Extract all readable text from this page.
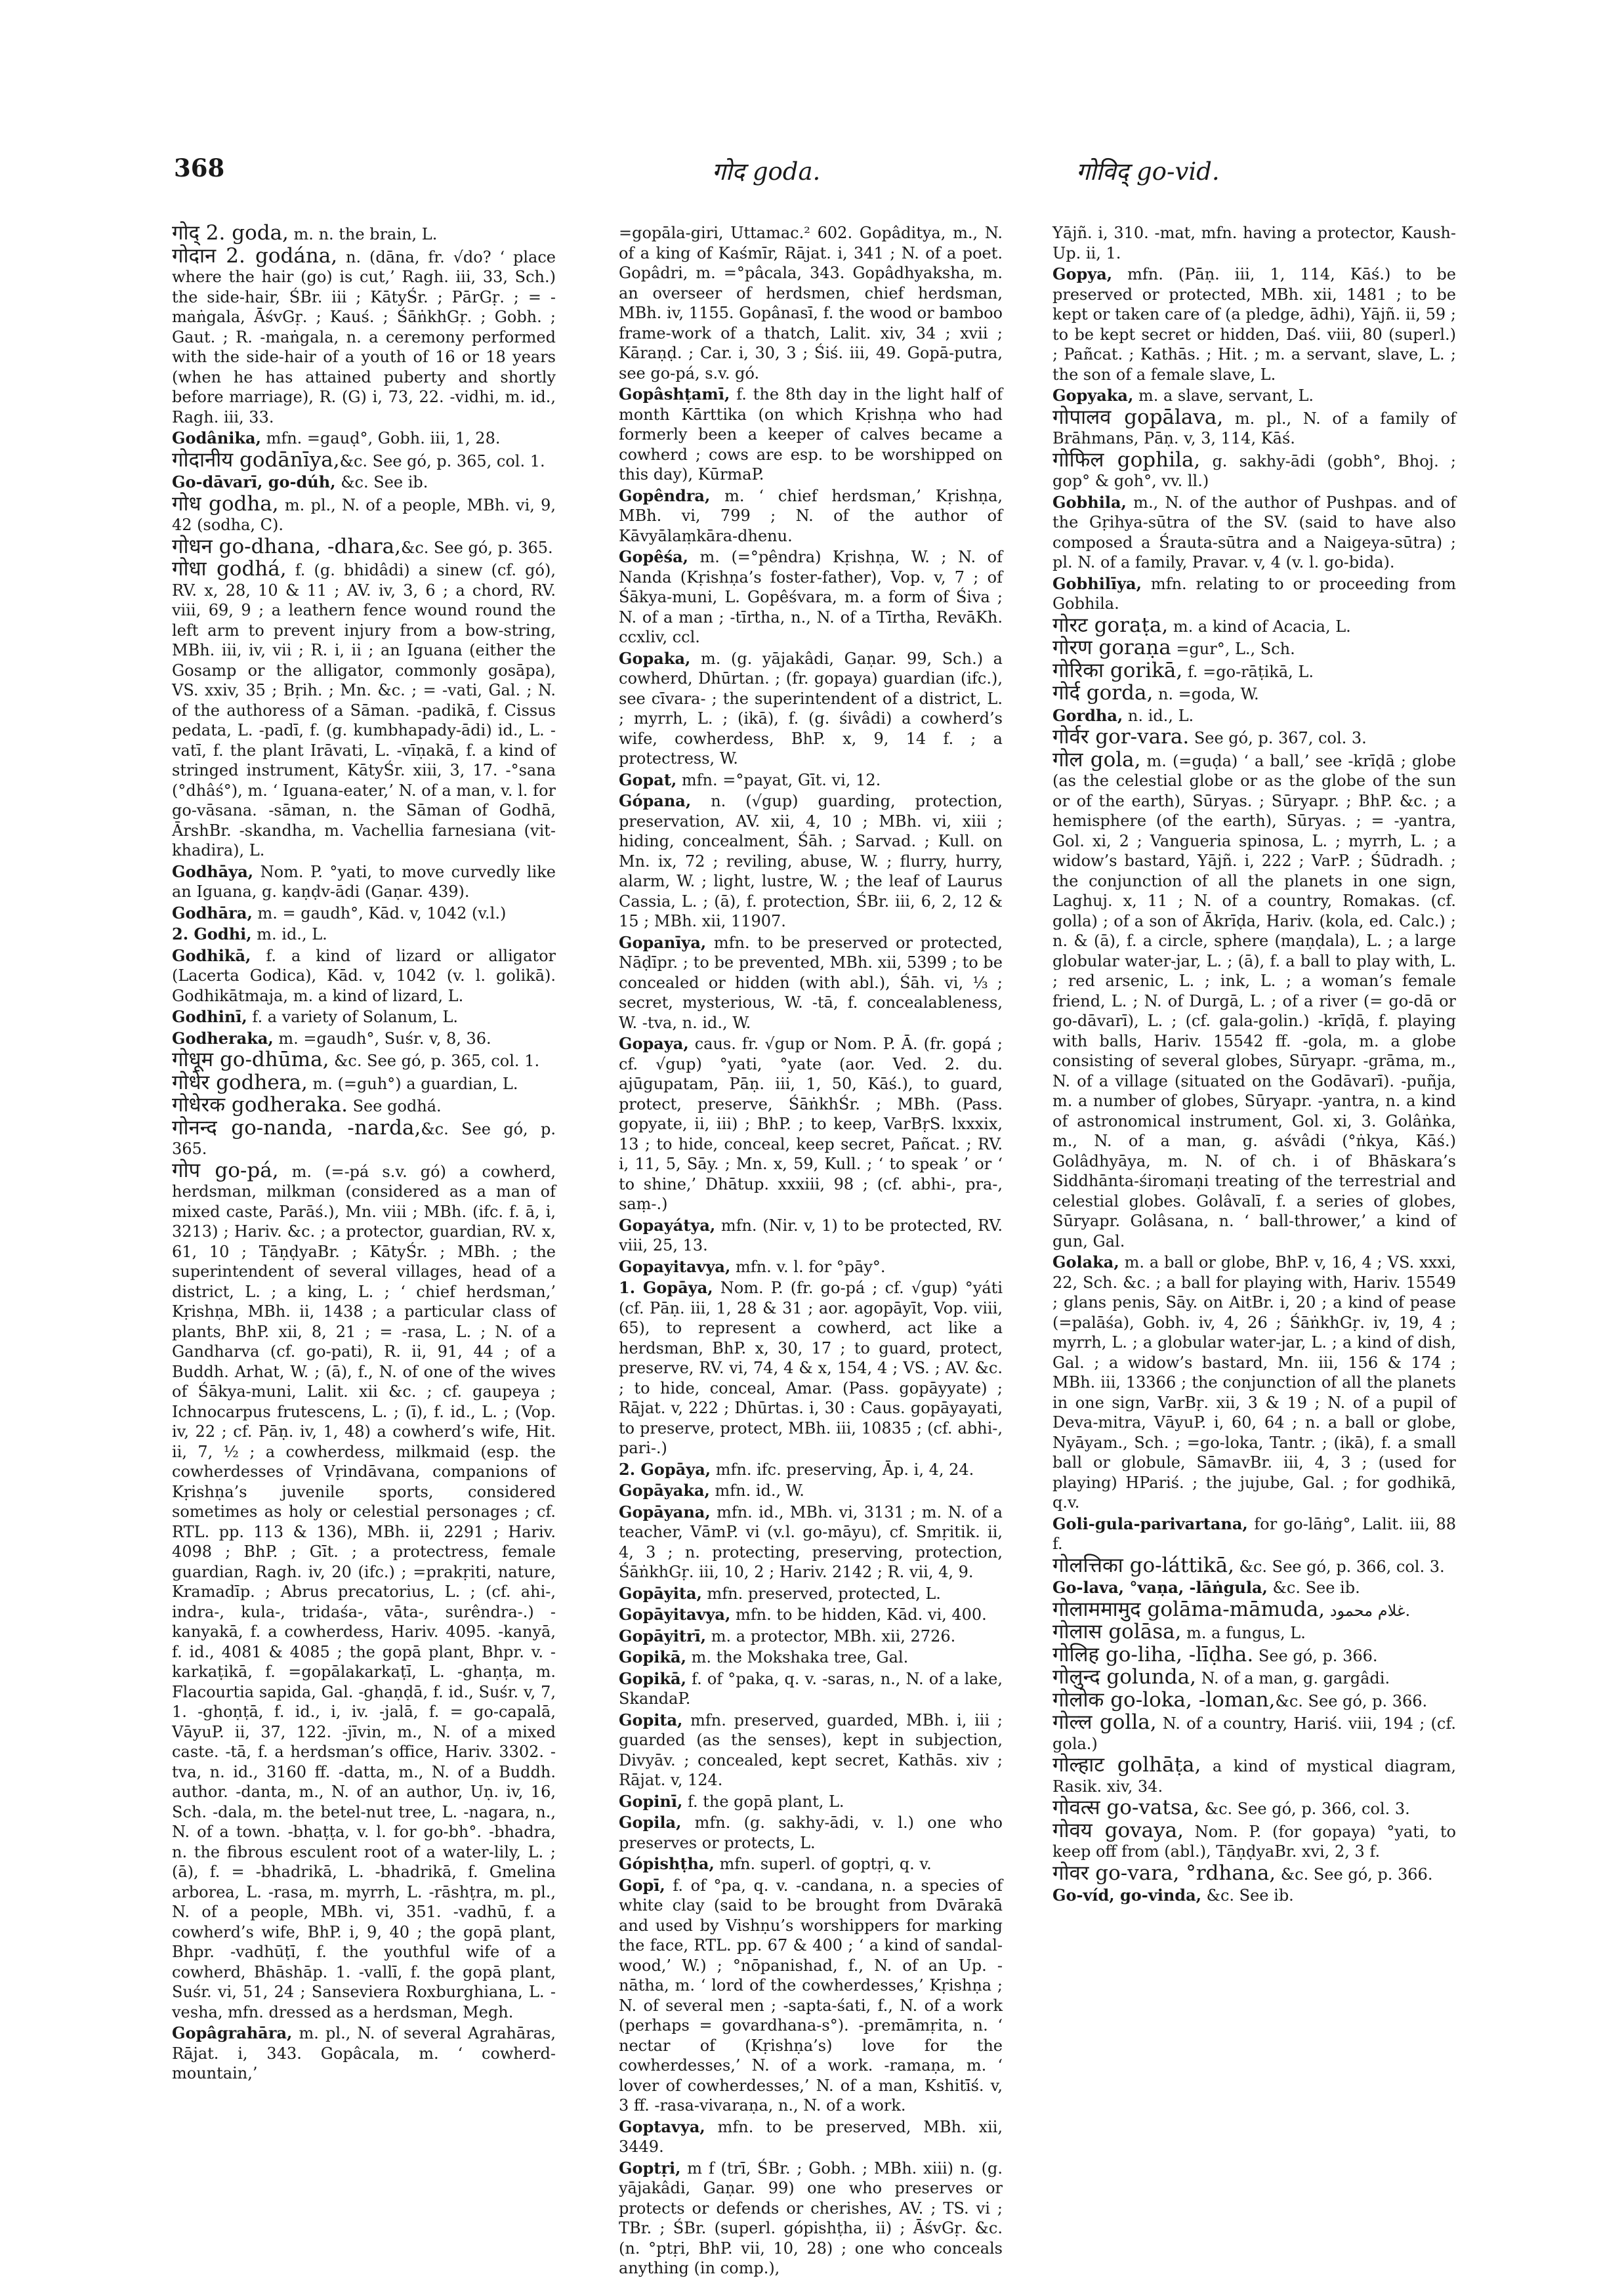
368	गोद goda.	गोविद् go-vid.
गोद् 2. goda, m. n. the brain, L.
गोदान 2. godána, n. (dāna, fr. √do? ‘ place where the hair (go) is cut,’ Ragh. iii, 33, Sch.) the side-hair, ŚBr. iii ; KātyŚr. ; PārGṛ. ; = -maṅgala, ĀśvGṛ. ; Kauś. ; ŚāṅkhGṛ. ; Gobh. ; Gaut. ; R. -maṅgala, n. a ceremony performed with the side-hair of a youth of 16 or 18 years (when he has attained puberty and shortly before marriage), R. (G) i, 73, 22. -vidhi, m. id., Ragh. iii, 33.
Godânika, mfn. =gauḍ°, Gobh. iii, 1, 28.
गोदानीय godānīya,&c. See gó, p. 365, col. 1.
Go-dāvarī, go-dúh, &c. See ib.
गोध godha, m. pl., N. of a people, MBh. vi, 9, 42 (sodha, C).
गोधन go-dhana, -dhara,&c. See gó, p. 365.
गोधा godhá, f. (g. bhidâdi) a sinew (cf. gó), RV. x, 28, 10 & 11 ; AV. iv, 3, 6 ; a chord, RV. viii, 69, 9 ; a leathern fence wound round the left arm to prevent injury from a bow-string, MBh. iii, iv, vii ; R. i, ii ; an Iguana (either the Gosamp or the alligator, commonly gosāpa), VS. xxiv, 35 ; Bṛih. ; Mn. &c. ; = -vati, Gal. ; N. of the authoress of a Sāman. -padikā, f. Cissus pedata, L. -padī, f. (g. kumbhapady-ādi) id., L. -vatī, f. the plant Irāvati, L. -vīṇakā, f. a kind of stringed instrument, KātyŚr. xiii, 3, 17. -°sana (°dhâś°), m. ‘ Iguana-eater,’ N. of a man, v. l. for go-vāsana. -sāman, n. the Sāman of Godhā, ĀrshBr. -skandha, m. Vachellia farnesiana (vit-khadira), L.
Godhāya, Nom. P. °yati, to move curvedly like an Iguana, g. kaṇḍv-ādi (Gaṇar. 439).
Godhāra, m. = gaudh°, Kād. v, 1042 (v.l.)
2. Godhi, m. id., L.
Godhikā, f. a kind of lizard or alligator (Lacerta Godica), Kād. v, 1042 (v. l. golikā). Godhikātmaja, m. a kind of lizard, L.
Godhinī, f. a variety of Solanum, L.
Godheraka, m. =gaudh°, Suśr. v, 8, 36.
गोधूम go-dhūma, &c. See gó, p. 365, col. 1.
गोधेर godhera, m. (=guh°) a guardian, L.
गोधेरक godheraka. See godhá.
गोनन्द go-nanda, -narda,&c. See gó, p. 365.
गोप go-pá, m. (=-pá s.v. gó) a cowherd, herdsman, milkman (considered as a man of mixed caste, Parāś.), Mn. viii ; MBh. (ifc. f. ā, i, 3213) ; Hariv. &c. ; a protector, guardian, RV. x, 61, 10 ; TāṇḍyaBr. ; KātyŚr. ; MBh. ; the superintendent of several villages, head of a district, L. ; a king, L. ; ‘ chief herdsman,’ Kṛishṇa, MBh. ii, 1438 ; a particular class of plants, BhP. xii, 8, 21 ; = -rasa, L. ; N. of a Gandharva (cf. go-pati), R. ii, 91, 44 ; of a Buddh. Arhat, W. ; (ā), f., N. of one of the wives of Śākya-muni, Lalit. xii &c. ; cf. gaupeya ; Ichnocarpus frutescens, L. ; (ī), f. id., L. ; (Vop. iv, 22 ; cf. Pāṇ. iv, 1, 48) a cowherd’s wife, Hit. ii, 7, ½ ; a cowherdess, milkmaid (esp. the cowherdesses of Vṛindāvana, companions of Kṛishṇa’s juvenile sports, considered sometimes as holy or celestial personages ; cf. RTL. pp. 113 & 136), MBh. ii, 2291 ; Hariv. 4098 ; BhP. ; Gīt. ; a protectress, female guardian, Ragh. iv, 20 (ifc.) ; =prakṛiti, nature, Kramadīp. ; Abrus precatorius, L. ; (cf. ahi-, indra-, kula-, tridaśa-, vāta-, surêndra-.) -kanyakā, f. a cowherdess, Hariv. 4095. -kanyā, f. id., 4081 & 4085 ; the gopā plant, Bhpr. v. -karkaṭikā, f. =gopālakarkaṭī, L. -ghaṇṭa, m. Flacourtia sapida, Gal. -ghaṇḍā, f. id., Suśr. v, 7, 1. -ghoṇṭā, f. id., i, iv. -jalā, f. = go-capalā, VāyuP. ii, 37, 122. -jīvin, m., N. of a mixed caste. -tā, f. a herdsman’s office, Hariv. 3302. -tva, n. id., 3160 ff. -datta, m., N. of a Buddh. author. -danta, m., N. of an author, Uṇ. iv, 16, Sch. -dala, m. the betel-nut tree, L. -nagara, n., N. of a town. -bhaṭṭa, v. l. for go-bh°. -bhadra, n. the fibrous esculent root of a water-lily, L. ; (ā), f. = -bhadrikā, L. -bhadrikā, f. Gmelina arborea, L. -rasa, m. myrrh, L. -rāshṭra, m. pl., N. of a people, MBh. vi, 351. -vadhū, f. a cowherd’s wife, BhP. i, 9, 40 ; the gopā plant, Bhpr. -vadhūṭī, f. the youthful wife of a cowherd, Bhāshāp. 1. -vallī, f. the gopā plant, Suśr. vi, 51, 24 ; Sanseviera Roxburghiana, L. -vesha, mfn. dressed as a herdsman, Megh.
Gopâgrahāra, m. pl., N. of several Agrahāras, Rājat. i, 343. Gopâcala, m. ‘ cowherd-mountain,’
=gopāla-giri, Uttamac.² 602. Gopâditya, m., N. of a king of Kaśmīr, Rājat. i, 341 ; N. of a poet. Gopâdri, m. =°pâcala, 343. Gopâdhyaksha, m. an overseer of herdsmen, chief herdsman, MBh. iv, 1155. Gopânasī, f. the wood or bamboo frame-work of a thatch, Lalit. xiv, 34 ; xvii ; Kāraṇḍ. ; Car. i, 30, 3 ; Śiś. iii, 49. Gopā-putra, see go-pá, s.v. gó.
Gopâshṭamī, f. the 8th day in the light half of month Kārttika (on which Kṛishṇa who had formerly been a keeper of calves became a cowherd ; cows are esp. to be worshipped on this day), KūrmaP.
Gopêndra, m. ‘ chief herdsman,’ Kṛishṇa, MBh. vi, 799 ; N. of the author of Kāvyālaṃkāra-dhenu.
Gopêśa, m. (=°pêndra) Kṛishṇa, W. ; N. of Nanda (Kṛishṇa’s foster-father), Vop. v, 7 ; of Śākya-muni, L. Gopêśvara, m. a form of Śiva ; N. of a man ; -tīrtha, n., N. of a Tīrtha, RevāKh. ccxliv, ccl.
Gopaka, m. (g. yājakâdi, Gaṇar. 99, Sch.) a cowherd, Dhūrtan. ; (fr. gopaya) guardian (ifc.), see cīvara- ; the superintendent of a district, L. ; myrrh, L. ; (ikā), f. (g. śivâdi) a cowherd’s wife, cowherdess, BhP. x, 9, 14 f. ; a protectress, W.
Gopat, mfn. =°payat, Gīt. vi, 12.
Gópana, n. (√gup) guarding, protection, preservation, AV. xii, 4, 10 ; MBh. vi, xiii ; hiding, concealment, Śāh. ; Sarvad. ; Kull. on Mn. ix, 72 ; reviling, abuse, W. ; flurry, hurry, alarm, W. ; light, lustre, W. ; the leaf of Laurus Cassia, L. ; (ā), f. protection, ŚBr. iii, 6, 2, 12 & 15 ; MBh. xii, 11907.
Gopanīya, mfn. to be preserved or protected, Nāḍīpr. ; to be prevented, MBh. xii, 5399 ; to be concealed or hidden (with abl.), Śāh. vi, ⅓ ; secret, mysterious, W. -tā, f. concealableness, W. -tva, n. id., W.
Gopaya, caus. fr. √gup or Nom. P. Ā. (fr. gopá ; cf. √gup) °yati, °yate (aor. Ved. 2. du. ajūgupatam, Pāṇ. iii, 1, 50, Kāś.), to guard, protect, preserve, ŚāṅkhŚr. ; MBh. (Pass. gopyate, ii, iii) ; BhP. ; to keep, VarBṛS. lxxxix, 13 ; to hide, conceal, keep secret, Pañcat. ; RV. i, 11, 5, Sāy. ; Mn. x, 59, Kull. ; ‘ to speak ’ or ‘ to shine,’ Dhātup. xxxiii, 98 ; (cf. abhi-, pra-, saṃ-.)
Gopayátya, mfn. (Nir. v, 1) to be protected, RV. viii, 25, 13.
Gopayitavya, mfn. v. l. for °pāy°.
1. Gopāya, Nom. P. (fr. go-pá ; cf. √gup) °yáti (cf. Pāṇ. iii, 1, 28 & 31 ; aor. agopāyīt, Vop. viii, 65), to represent a cowherd, act like a herdsman, BhP. x, 30, 17 ; to guard, protect, preserve, RV. vi, 74, 4 & x, 154, 4 ; VS. ; AV. &c. ; to hide, conceal, Amar. (Pass. gopāyyate) ; Rājat. v, 222 ; Dhūrtas. i, 30 : Caus. gopāyayati, to preserve, protect, MBh. iii, 10835 ; (cf. abhi-, pari-.)
2. Gopāya, mfn. ifc. preserving, Āp. i, 4, 24.
Gopāyaka, mfn. id., W.
Gopāyana, mfn. id., MBh. vi, 3131 ; m. N. of a teacher, VāmP. vi (v.l. go-māyu), cf. Smṛitik. ii, 4, 3 ; n. protecting, preserving, protection, ŚāṅkhGṛ. iii, 10, 2 ; Hariv. 2142 ; R. vii, 4, 9.
Gopāyita, mfn. preserved, protected, L.
Gopāyitavya, mfn. to be hidden, Kād. vi, 400.
Gopāyitrī, m. a protector, MBh. xii, 2726.
Gopikā, m. the Mokshaka tree, Gal.
Gopikā, f. of °paka, q. v. -saras, n., N. of a lake, SkandaP.
Gopita, mfn. preserved, guarded, MBh. i, iii ; guarded (as the senses), kept in subjection, Divyāv. ; concealed, kept secret, Kathās. xiv ; Rājat. v, 124.
Gopinī, f. the gopā plant, L.
Gopila, mfn. (g. sakhy-ādi, v. l.) one who preserves or protects, L.
Gópishṭha, mfn. superl. of goptṛi, q. v.
Gopī, f. of °pa, q. v. -candana, n. a species of white clay (said to be brought from Dvārakā and used by Vishṇu’s worshippers for marking the face, RTL. pp. 67 & 400 ; ‘ a kind of sandal-wood,’ W.) ; °nōpanishad, f., N. of an Up. -nātha, m. ‘ lord of the cowherdesses,’ Kṛishṇa ; N. of several men ; -sapta-śati, f., N. of a work (perhaps = govardhana-s°). -premāmṛita, n. ‘ nectar of (Kṛishṇa’s) love for the cowherdesses,’ N. of a work. -ramaṇa, m. ‘ lover of cowherdesses,’ N. of a man, Kshitīś. v, 3 ff. -rasa-vivaraṇa, n., N. of a work.
Goptavya, mfn. to be preserved, MBh. xii, 3449.
Goptṛi, m f (trī, ŚBr. ; Gobh. ; MBh. xiii) n. (g. yājakâdi, Gaṇar. 99) one who preserves or protects or defends or cherishes, AV. ; TS. vi ; TBr. ; ŚBr. (superl. gópishṭha, ii) ; ĀśvGṛ. &c. (n. °ptṛi, BhP. vii, 10, 28) ; one who conceals anything (in comp.),
Yājñ. i, 310. -mat, mfn. having a protector, Kaush-Up. ii, 1.
Gopya, mfn. (Pāṇ. iii, 1, 114, Kāś.) to be preserved or protected, MBh. xii, 1481 ; to be kept or taken care of (a pledge, ādhi), Yājñ. ii, 59 ; to be kept secret or hidden, Daś. viii, 80 (superl.) ; Pañcat. ; Kathās. ; Hit. ; m. a servant, slave, L. ; the son of a female slave, L.
Gopyaka, m. a slave, servant, L.
गोपालव gopālava, m. pl., N. of a family of Brāhmans, Pāṇ. v, 3, 114, Kāś.
गोफिल gophila, g. sakhy-ādi (gobh°, Bhoj. ; gop° & goh°, vv. ll.)
Gobhila, m., N. of the author of Pushpas. and of the Gṛihya-sūtra of the SV. (said to have also composed a Śrauta-sūtra and a Naigeya-sūtra) ; pl. N. of a family, Pravar. v, 4 (v. l. go-bida).
Gobhilīya, mfn. relating to or proceeding from Gobhila.
गोरट goraṭa, m. a kind of Acacia, L.
गोरण goraṇa =gur°, L., Sch.
गोरिका gorikā, f. =go-rāṭikā, L.
गोर्द gorda, n. =goda, W.
Gordha, n. id., L.
गोर्वर gor-vara. See gó, p. 367, col. 3.
गोल gola, m. (=guḍa) ‘ a ball,’ see -krīḍā ; globe (as the celestial globe or as the globe of the sun or of the earth), Sūryas. ; Sūryapr. ; BhP. &c. ; a hemisphere (of the earth), Sūryas. ; = -yantra, Gol. xi, 2 ; Vangueria spinosa, L. ; myrrh, L. ; a widow’s bastard, Yājñ. i, 222 ; VarP. ; Śūdradh. ; the conjunction of all the planets in one sign, Laghuj. x, 11 ; N. of a country, Romakas. (cf. golla) ; of a son of Ākrīḍa, Hariv. (kola, ed. Calc.) ; n. & (ā), f. a circle, sphere (maṇḍala), L. ; a large globular water-jar, L. ; (ā), f. a ball to play with, L. ; red arsenic, L. ; ink, L. ; a woman’s female friend, L. ; N. of Durgā, L. ; of a river (= go-dā or go-dāvarī), L. ; (cf. gala-golin.) -krīḍā, f. playing with balls, Hariv. 15542 ff. -gola, m. a globe consisting of several globes, Sūryapr. -grāma, m., N. of a village (situated on the Godāvarī). -puñja, m. a number of globes, Sūryapr. -yantra, n. a kind of astronomical instrument, Gol. xi, 3. Golâṅka, m., N. of a man, g. aśvâdi (°ṅkya, Kāś.) Golâdhyāya, m. N. of ch. i of Bhāskara’s Siddhānta-śiromaṇi treating of the terrestrial and celestial globes. Golâvalī, f. a series of globes, Sūryapr. Golâsana, n. ‘ ball-thrower,’ a kind of gun, Gal.
Golaka, m. a ball or globe, BhP. v, 16, 4 ; VS. xxxi, 22, Sch. &c. ; a ball for playing with, Hariv. 15549 ; glans penis, Sāy. on AitBr. i, 20 ; a kind of pease (=palāśa), Gobh. iv, 4, 26 ; ŚāṅkhGṛ. iv, 19, 4 ; myrrh, L. ; a globular water-jar, L. ; a kind of dish, Gal. ; a widow’s bastard, Mn. iii, 156 & 174 ; MBh. iii, 13366 ; the conjunction of all the planets in one sign, VarBṛ. xii, 3 & 19 ; N. of a pupil of Deva-mitra, VāyuP. i, 60, 64 ; n. a ball or globe, Nyāyam., Sch. ; =go-loka, Tantr. ; (ikā), f. a small ball or globule, SāmavBr. iii, 4, 3 ; (used for playing) HPariś. ; the jujube, Gal. ; for godhikā, q.v.
Goli-gula-parivartana, for go-lāṅg°, Lalit. iii, 88 f.
गोलत्तिका go-láttikā, &c. See gó, p. 366, col. 3.
Go-lava, °vaṇa, -lāṅgula, &c. See ib.
गोलाममामुद golāma-māmuda, غلام محمود.
गोलास golāsa, m. a fungus, L.
गोलिह go-liha, -līḍha. See gó, p. 366.
गोलुन्द golunda, N. of a man, g. gargâdi.
गोलोक go-loka, -loman,&c. See gó, p. 366.
गोल्ल golla, N. of a country, Hariś. viii, 194 ; (cf. gola.)
गोल्हाट golhāṭa, a kind of mystical diagram, Rasik. xiv, 34.
गोवत्स go-vatsa, &c. See gó, p. 366, col. 3.
गोवय govaya, Nom. P. (for gopaya) °yati, to keep off from (abl.), TāṇḍyaBr. xvi, 2, 3 f.
गोवर go-vara, °rdhana, &c. See gó, p. 366.
Go-víd, go-vinda, &c. See ib.
